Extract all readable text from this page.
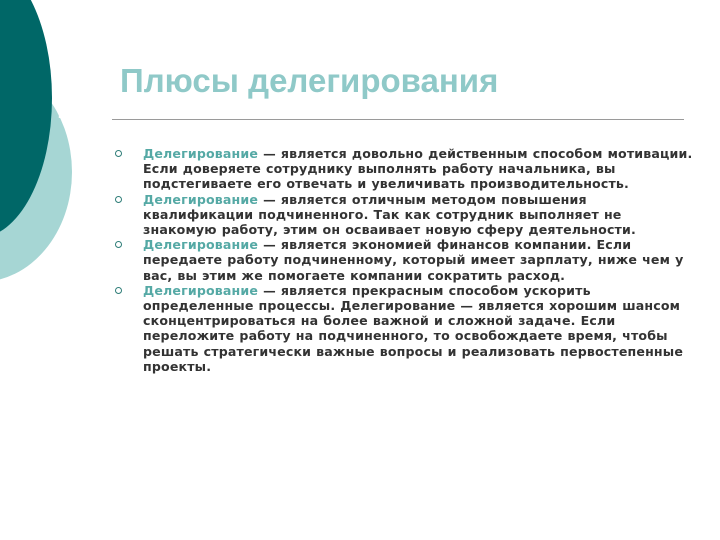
Плюсы делегирования
Делегирование — является довольно действенным способом мотивации. Если доверяете сотруднику выполнять работу начальника, вы подстегиваете его отвечать и увеличивать производительность.
Делегирование — является отличным методом повышения квалификации подчиненного. Так как сотрудник выполняет не знакомую работу, этим он осваивает новую сферу деятельности.
Делегирование — является экономией финансов компании. Если передаете работу подчиненному, который имеет зарплату, ниже чем у вас, вы этим же помогаете компании сократить расход.
Делегирование — является прекрасным способом ускорить определенные процессы. Делегирование — является хорошим шансом сконцентрироваться на более важной и сложной задаче. Если переложите работу на подчиненного, то освобождаете время, чтобы решать стратегически важные вопросы и реализовать первостепенные проекты.
